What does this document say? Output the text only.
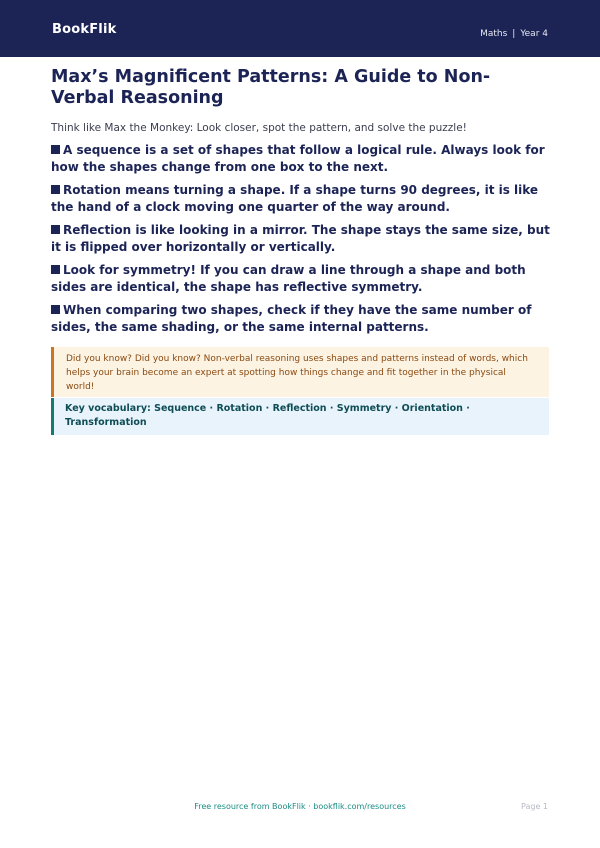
BookFlik	Maths | Year 4
Max’s Magnificent Patterns: A Guide to Non-Verbal Reasoning

Think like Max the Monkey: Look closer, spot the pattern, and solve the puzzle!

A sequence is a set of shapes that follow a logical rule. Always look for how the shapes change from one box to the next.
Rotation means turning a shape. If a shape turns 90 degrees, it is like the hand of a clock moving one quarter of the way around.
Reflection is like looking in a mirror. The shape stays the same size, but it is flipped over horizontally or vertically.
Look for symmetry! If you can draw a line through a shape and both sides are identical, the shape has reflective symmetry.
When comparing two shapes, check if they have the same number of sides, the same shading, or the same internal patterns.

Did you know? Did you know? Non-verbal reasoning uses shapes and patterns instead of words, which helps your brain become an expert at spotting how things change and fit together in the physical world!

Key vocabulary: Sequence · Rotation · Reflection · Symmetry · Orientation · Transformation

Free resource from BookFlik · bookflik.com/resources	Page 1
